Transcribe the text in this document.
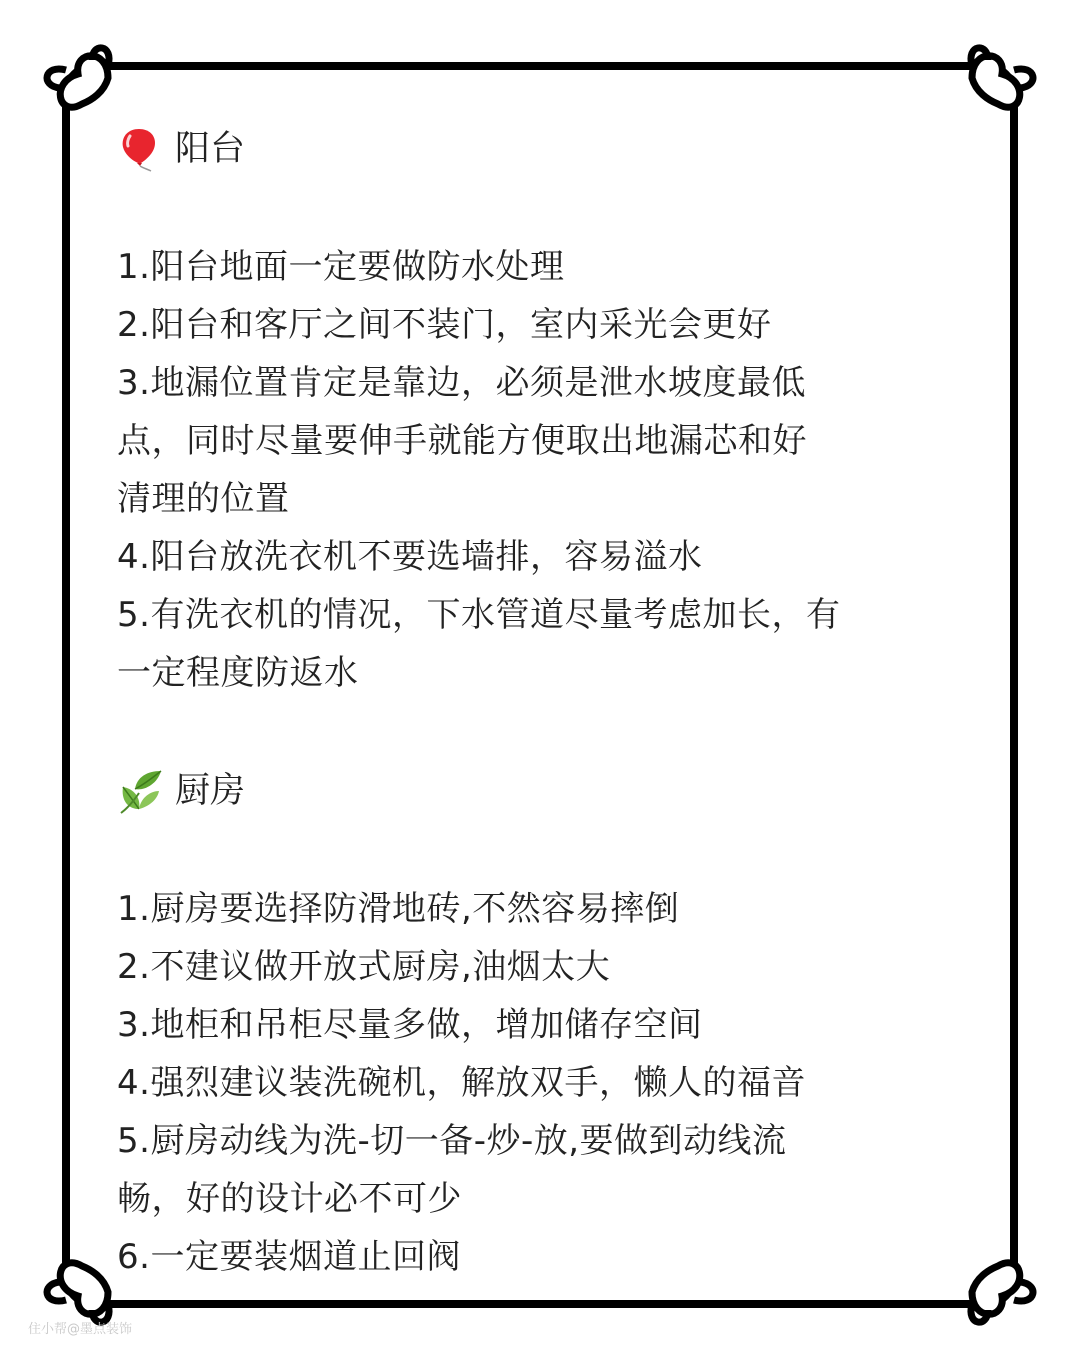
阳台
1.阳台地面一定要做防水处理
2.阳台和客厅之间不装门，室内采光会更好
3.地漏位置肯定是靠边，必须是泄水坡度最低
点，同时尽量要伸手就能方便取出地漏芯和好
清理的位置
4.阳台放洗衣机不要选墙排，容易溢水
5.有洗衣机的情况，下水管道尽量考虑加长，有
一定程度防返水
厨房
1.厨房要选择防滑地砖,不然容易摔倒
2.不建议做开放式厨房,油烟太大
3.地柜和吊柜尽量多做，增加储存空间
4.强烈建议装洗碗机，解放双手，懒人的福音
5.厨房动线为洗-切一备-炒-放,要做到动线流
畅，好的设计必不可少
6.一定要装烟道止回阀
住小帮@墨点装饰
